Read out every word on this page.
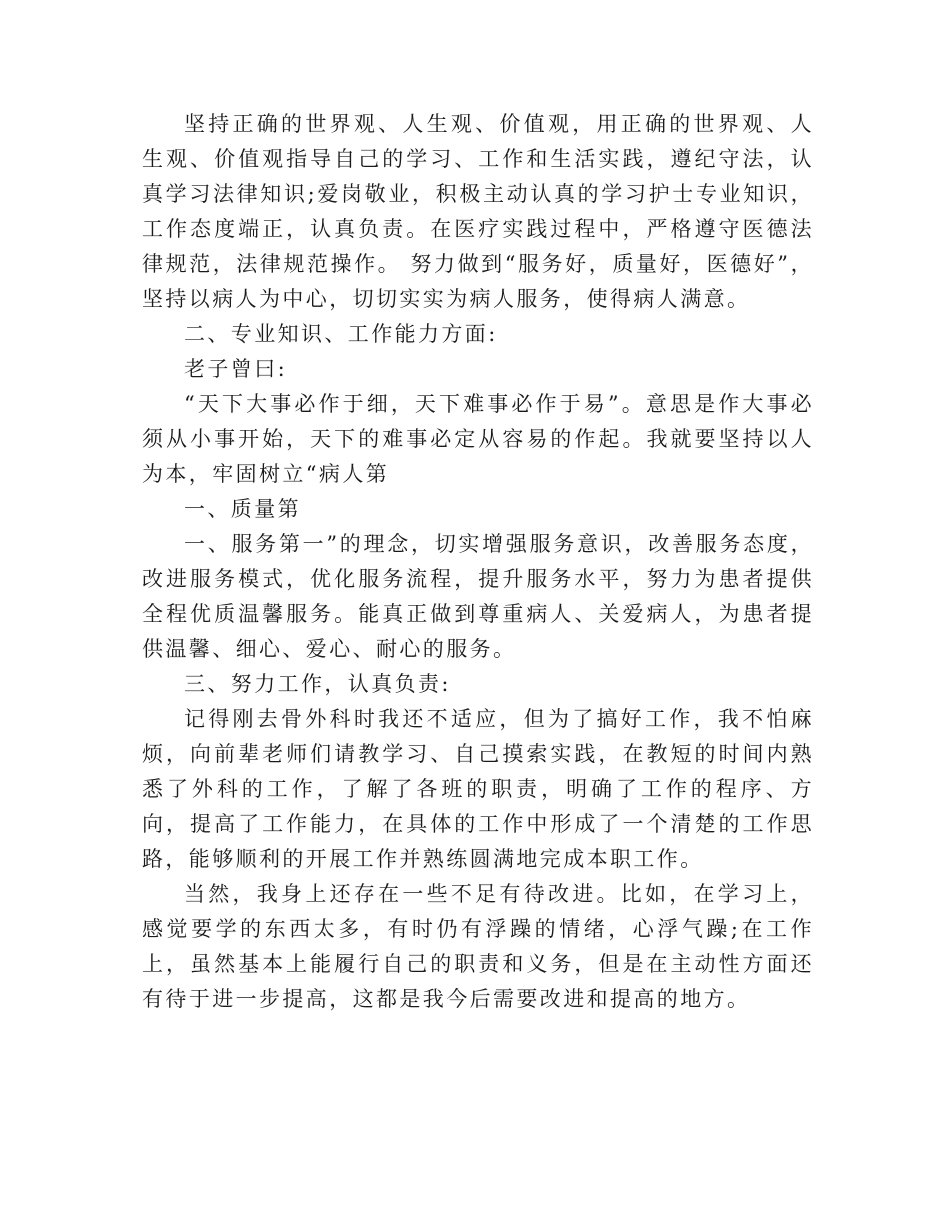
坚持正确的世界观、人生观、价值观，用正确的世界观、人生观、价值观指导自己的学习、工作和生活实践，遵纪守法，认真学习法律知识;爱岗敬业，积极主动认真的学习护士专业知识，工作态度端正，认真负责。在医疗实践过程中，严格遵守医德法律规范，法律规范操作。 努力做到“服务好，质量好，医德好”，坚持以病人为中心，切切实实为病人服务，使得病人满意。

二、专业知识、工作能力方面:

老子曾曰:

“天下大事必作于细，天下难事必作于易”。意思是作大事必须从小事开始，天下的难事必定从容易的作起。我就要坚持以人为本，牢固树立“病人第

一、质量第

一、服务第一”的理念，切实增强服务意识，改善服务态度，改进服务模式，优化服务流程，提升服务水平，努力为患者提供全程优质温馨服务。能真正做到尊重病人、关爱病人，为患者提供温馨、细心、爱心、耐心的服务。

三、努力工作，认真负责:

记得刚去骨外科时我还不适应，但为了搞好工作，我不怕麻烦，向前辈老师们请教学习、自己摸索实践，在教短的时间内熟悉了外科的工作，了解了各班的职责，明确了工作的程序、方向，提高了工作能力，在具体的工作中形成了一个清楚的工作思路，能够顺利的开展工作并熟练圆满地完成本职工作。

当然，我身上还存在一些不足有待改进。比如，在学习上，感觉要学的东西太多，有时仍有浮躁的情绪，心浮气躁;在工作上，虽然基本上能履行自己的职责和义务，但是在主动性方面还有待于进一步提高，这都是我今后需要改进和提高的地方。
